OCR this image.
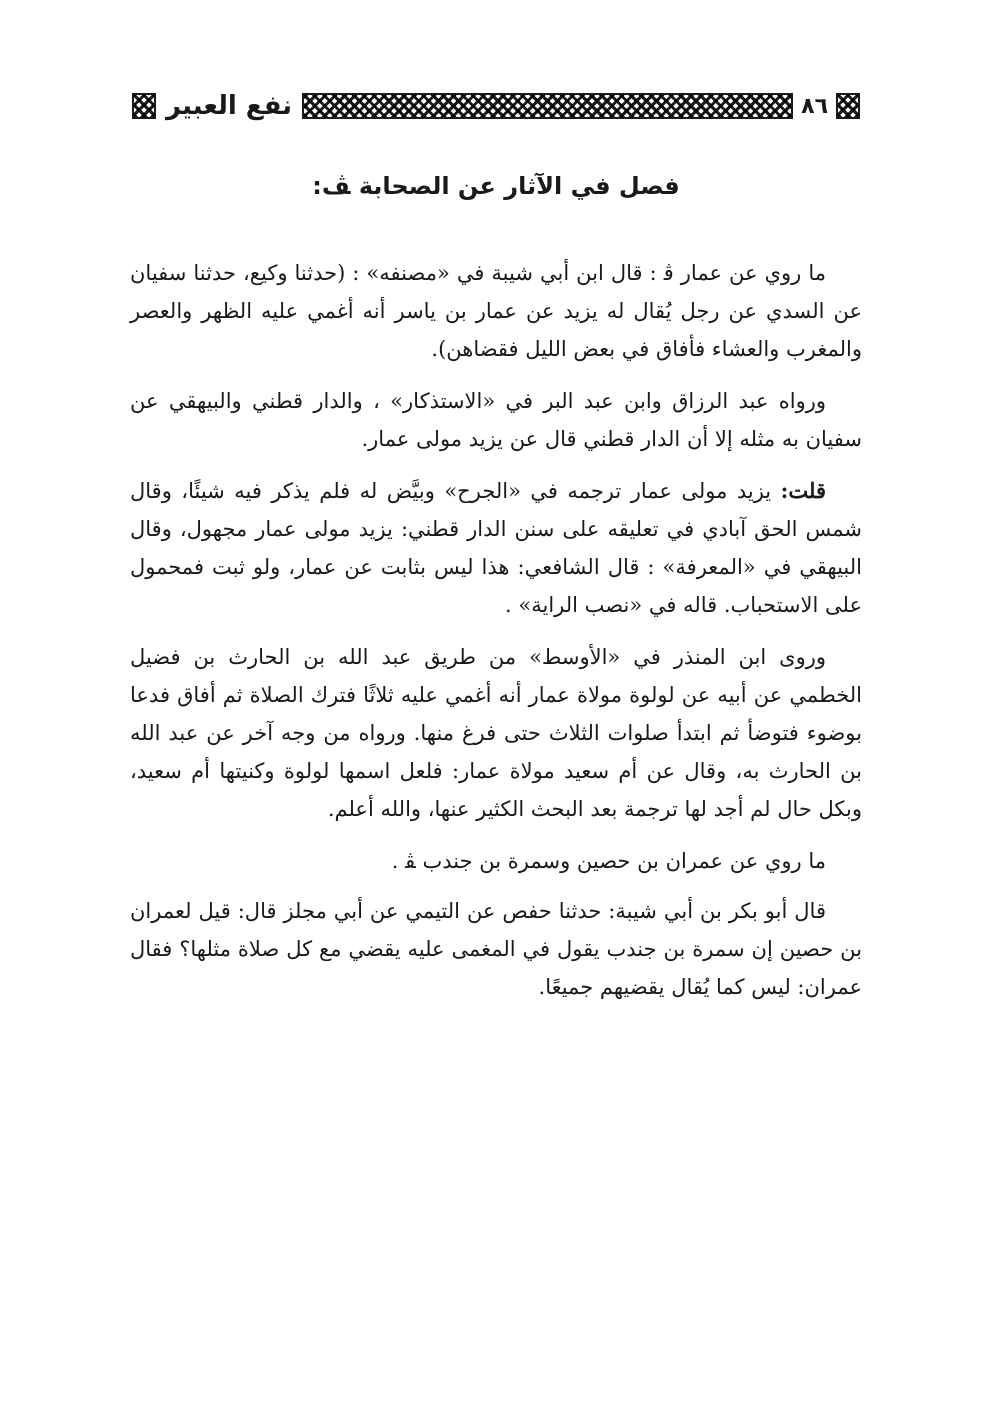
٨٦
نفع العبير
فصل في الآثار عن الصحابة ﭫ:

ما روي عن عمار ﭬ : قال ابن أبي شيبة في «مصنفه» : (حدثنا وكيع، حدثنا سفيان عن السدي عن رجل يُقال له يزيد عن عمار بن ياسر أنه أغمي عليه الظهر والعصر والمغرب والعشاء فأفاق في بعض الليل فقضاهن).

ورواه عبد الرزاق وابن عبد البر في «الاستذكار» ، والدار قطني والبيهقي عن سفيان به مثله إلا أن الدار قطني قال عن يزيد مولى عمار.

قلت: يزيد مولى عمار ترجمه في «الجرح» وبيَّض له فلم يذكر فيه شيئًا، وقال شمس الحق آبادي في تعليقه على سنن الدار قطني: يزيد مولى عمار مجهول، وقال البيهقي في «المعرفة» : قال الشافعي: هذا ليس بثابت عن عمار، ولو ثبت فمحمول على الاستحباب. قاله في «نصب الراية» .

وروى ابن المنذر في «الأوسط» من طريق عبد الله بن الحارث بن فضيل الخطمي عن أبيه عن لولوة مولاة عمار أنه أغمي عليه ثلاثًا فترك الصلاة ثم أفاق فدعا بوضوء فتوضأ ثم ابتدأ صلوات الثلاث حتى فرغ منها. ورواه من وجه آخر عن عبد الله بن الحارث به، وقال عن أم سعيد مولاة عمار: فلعل اسمها لولوة وكنيتها أم سعيد، وبكل حال لم أجد لها ترجمة بعد البحث الكثير عنها، والله أعلم.

ما روي عن عمران بن حصين وسمرة بن جندب ﭭ .

قال أبو بكر بن أبي شيبة: حدثنا حفص عن التيمي عن أبي مجلز قال: قيل لعمران بن حصين إن سمرة بن جندب يقول في المغمى عليه يقضي مع كل صلاة مثلها؟ فقال عمران: ليس كما يُقال يقضيهم جميعًا.
